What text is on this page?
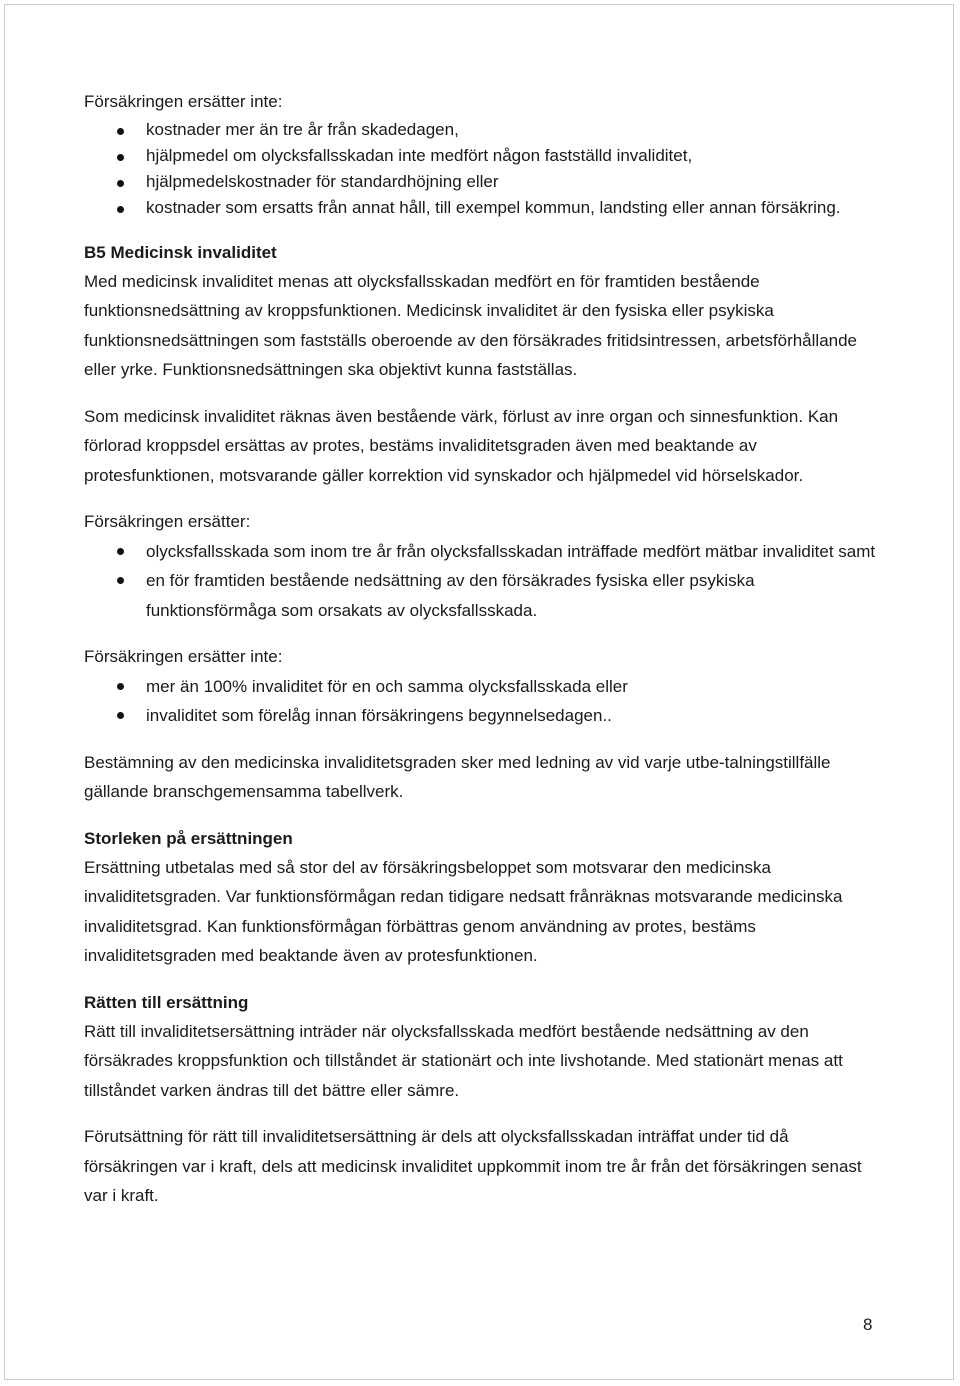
Försäkringen ersätter inte:

kostnader mer än tre år från skadedagen,
hjälpmedel om olycksfallsskadan inte medfört någon fastställd invaliditet,
hjälpmedelskostnader för standardhöjning eller
kostnader som ersatts från annat håll, till exempel kommun, landsting eller annan försäkring.

B5 Medicinsk invaliditet

Med medicinsk invaliditet menas att olycksfallsskadan medfört en för framtiden bestående funktionsnedsättning av kroppsfunktionen. Medicinsk invaliditet är den fysiska eller psykiska funktionsnedsättningen som fastställs oberoende av den försäkrades fritidsintressen, arbetsförhållande eller yrke. Funktionsnedsättningen ska objektivt kunna fastställas.

Som medicinsk invaliditet räknas även bestående värk, förlust av inre organ och sinnesfunktion. Kan förlorad kroppsdel ersättas av protes, bestäms invaliditetsgraden även med beaktande av protesfunktionen, motsvarande gäller korrektion vid synskador och hjälpmedel vid hörselskador.

Försäkringen ersätter:

olycksfallsskada som inom tre år från olycksfallsskadan inträffade medfört mätbar invaliditet samt
en för framtiden bestående nedsättning av den försäkrades fysiska eller psykiska funktionsförmåga som orsakats av olycksfallsskada.

Försäkringen ersätter inte:

mer än 100% invaliditet för en och samma olycksfallsskada eller
invaliditet som förelåg innan försäkringens begynnelsedagen..

Bestämning av den medicinska invaliditetsgraden sker med ledning av vid varje utbe-talningstillfälle gällande branschgemensamma tabellverk.

Storleken på ersättningen

Ersättning utbetalas med så stor del av försäkringsbeloppet som motsvarar den medicinska invaliditetsgraden. Var funktionsförmågan redan tidigare nedsatt frånräknas motsvarande medicinska invaliditetsgrad. Kan funktionsförmågan förbättras genom användning av protes, bestäms invaliditetsgraden med beaktande även av protesfunktionen.

Rätten till ersättning

Rätt till invaliditetsersättning inträder när olycksfallsskada medfört bestående nedsättning av den försäkrades kroppsfunktion och tillståndet är stationärt och inte livshotande. Med stationärt menas att tillståndet varken ändras till det bättre eller sämre.

Förutsättning för rätt till invaliditetsersättning är dels att olycksfallsskadan inträffat under tid då försäkringen var i kraft, dels att medicinsk invaliditet uppkommit inom tre år från det försäkringen senast var i kraft.

8
